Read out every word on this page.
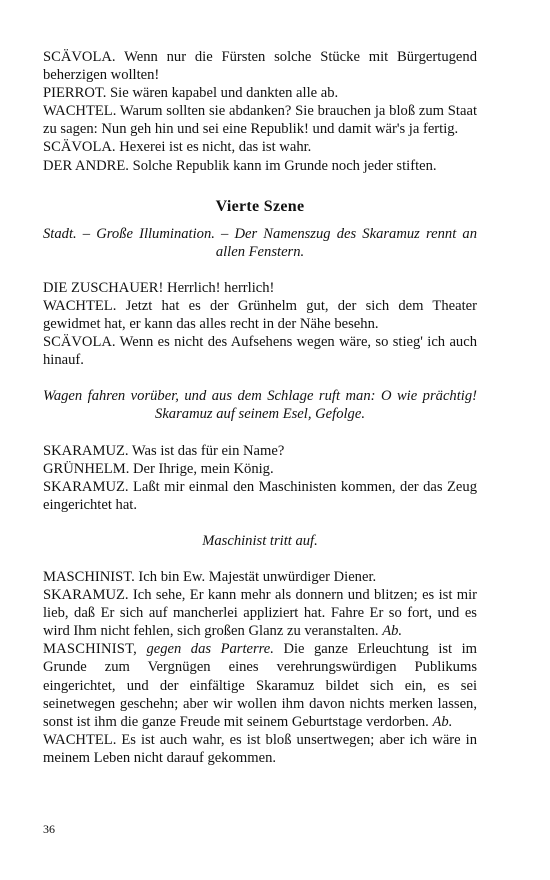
SCÄVOLA. Wenn nur die Fürsten solche Stücke mit Bürgertugend beherzigen wollten!

PIERROT. Sie wären kapabel und dankten alle ab.

WACHTEL. Warum sollten sie abdanken? Sie brauchen ja bloß zum Staat zu sagen: Nun geh hin und sei eine Republik! und damit wär's ja fertig.

SCÄVOLA. Hexerei ist es nicht, das ist wahr.

DER ANDRE. Solche Republik kann im Grunde noch jeder stiften.

Vierte Szene

Stadt. – Große Illumination. – Der Namenszug des Skaramuz rennt an allen Fenstern.

DIE ZUSCHAUER! Herrlich! herrlich!

WACHTEL. Jetzt hat es der Grünhelm gut, der sich dem Theater gewidmet hat, er kann das alles recht in der Nähe besehn.

SCÄVOLA. Wenn es nicht des Aufsehens wegen wäre, so stieg' ich auch hinauf.

Wagen fahren vorüber, und aus dem Schlage ruft man: O wie prächtig! Skaramuz auf seinem Esel, Gefolge.

SKARAMUZ. Was ist das für ein Name?

GRÜNHELM. Der Ihrige, mein König.

SKARAMUZ. Laßt mir einmal den Maschinisten kommen, der das Zeug eingerichtet hat.

Maschinist tritt auf.

MASCHINIST. Ich bin Ew. Majestät unwürdiger Diener.

SKARAMUZ. Ich sehe, Er kann mehr als donnern und blitzen; es ist mir lieb, daß Er sich auf mancherlei appliziert hat. Fahre Er so fort, und es wird Ihm nicht fehlen, sich großen Glanz zu veranstalten. Ab.

MASCHINIST, gegen das Parterre. Die ganze Erleuchtung ist im Grunde zum Vergnügen eines verehrungswürdigen Publikums eingerichtet, und der einfältige Skaramuz bildet sich ein, es sei seinetwegen geschehn; aber wir wollen ihm davon nichts merken lassen, sonst ist ihm die ganze Freude mit seinem Geburtstage verdorben. Ab.

WACHTEL. Es ist auch wahr, es ist bloß unsertwegen; aber ich wäre in meinem Leben nicht darauf gekommen.

36
